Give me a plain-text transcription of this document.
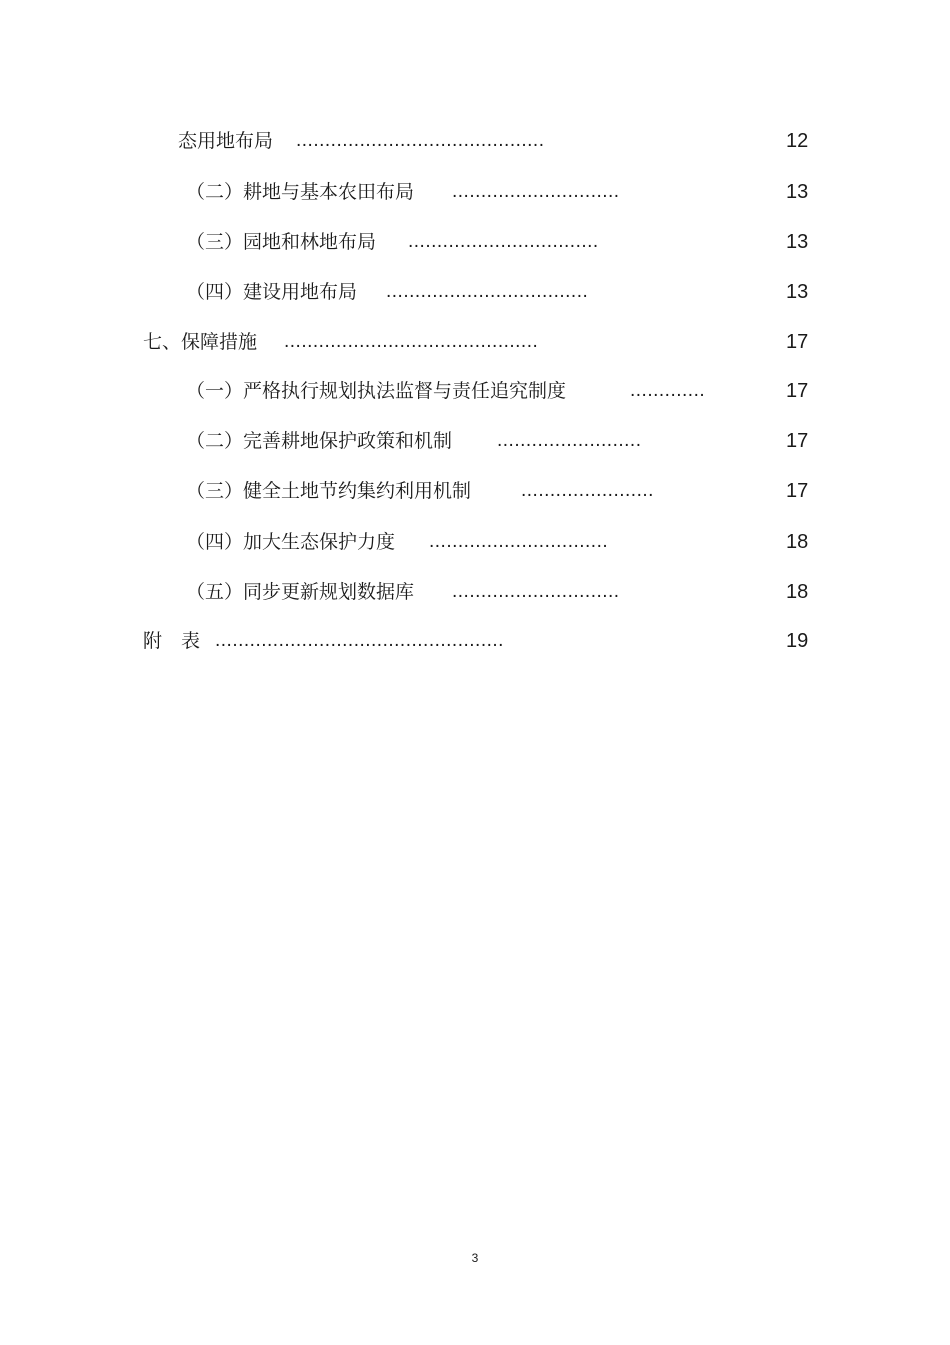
态用地布局 ...........................................	12
（二）耕地与基本农田布局 .............................	13
（三）园地和林地布局 .................................	13
（四）建设用地布局 ...................................	13
七、保障措施 ............................................	17
（一）严格执行规划执法监督与责任追究制度	.............	17
（二）完善耕地保护政策和机制 .........................	17
（三）健全土地节约集约利用机制	.......................	17
（四）加大生态保护力度 ...............................	18
（五）同步更新规划数据库 .............................	18
附　表 ..................................................	19
3
